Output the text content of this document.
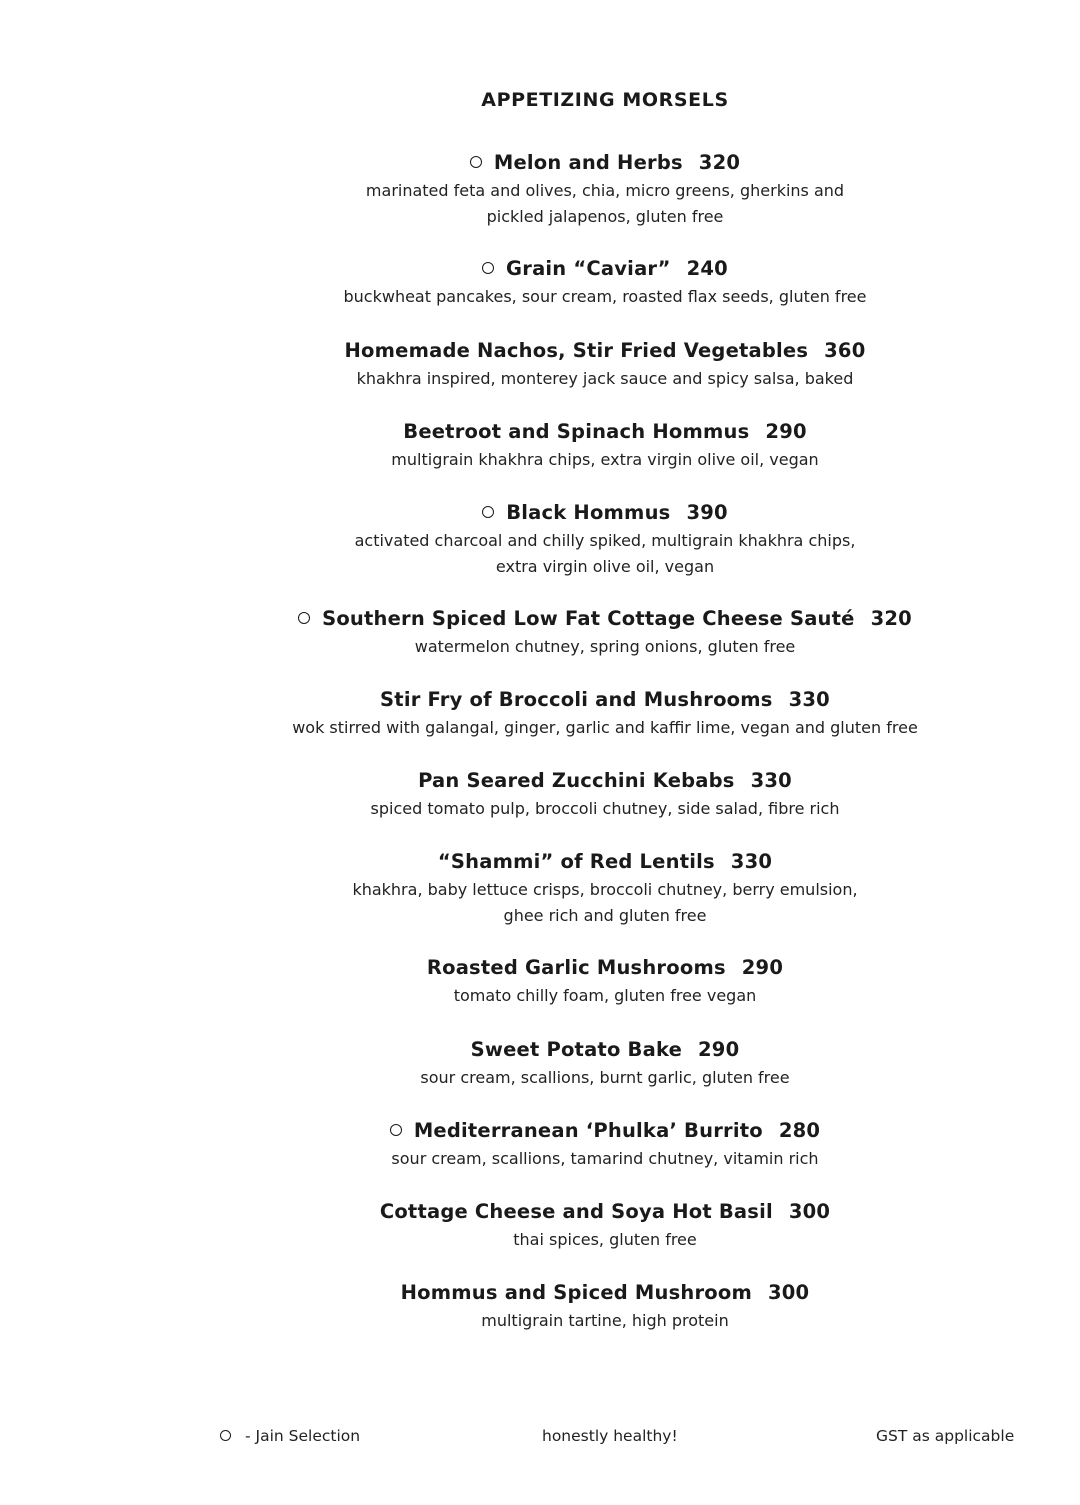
APPETIZING MORSELS
Melon and Herbs 320
marinated feta and olives, chia, micro greens, gherkins and
pickled jalapenos, gluten free
Grain “Caviar” 240
buckwheat pancakes, sour cream, roasted flax seeds, gluten free
Homemade Nachos, Stir Fried Vegetables 360
khakhra inspired, monterey jack sauce and spicy salsa, baked
Beetroot and Spinach Hommus 290
multigrain khakhra chips, extra virgin olive oil, vegan
Black Hommus 390
activated charcoal and chilly spiked, multigrain khakhra chips,
extra virgin olive oil, vegan
Southern Spiced Low Fat Cottage Cheese Sauté 320
watermelon chutney, spring onions, gluten free
Stir Fry of Broccoli and Mushrooms 330
wok stirred with galangal, ginger, garlic and kaffir lime, vegan and gluten free
Pan Seared Zucchini Kebabs 330
spiced tomato pulp, broccoli chutney, side salad, fibre rich
“Shammi” of Red Lentils 330
khakhra, baby lettuce crisps, broccoli chutney, berry emulsion,
ghee rich and gluten free
Roasted Garlic Mushrooms 290
tomato chilly foam, gluten free vegan
Sweet Potato Bake 290
sour cream, scallions, burnt garlic, gluten free
Mediterranean ‘Phulka’ Burrito 280
sour cream, scallions, tamarind chutney, vitamin rich
Cottage Cheese and Soya Hot Basil 300
thai spices, gluten free
Hommus and Spiced Mushroom 300
multigrain tartine, high protein
- Jain Selection	honestly healthy!	GST as applicable
